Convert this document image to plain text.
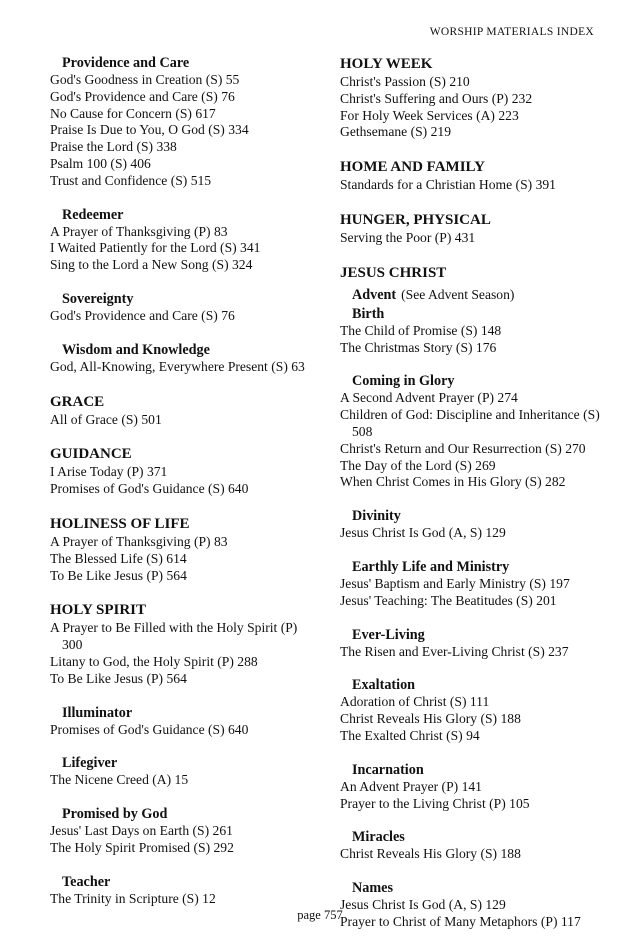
WORSHIP MATERIALS INDEX
Providence and Care
God's Goodness in Creation (S) 55
God's Providence and Care (S) 76
No Cause for Concern (S) 617
Praise Is Due to You, O God (S) 334
Praise the Lord (S) 338
Psalm 100 (S) 406
Trust and Confidence (S) 515
Redeemer
A Prayer of Thanksgiving (P) 83
I Waited Patiently for the Lord (S) 341
Sing to the Lord a New Song (S) 324
Sovereignty
God's Providence and Care (S) 76
Wisdom and Knowledge
God, All-Knowing, Everywhere Present (S) 63
GRACE
All of Grace (S) 501
GUIDANCE
I Arise Today (P) 371
Promises of God's Guidance (S) 640
HOLINESS OF LIFE
A Prayer of Thanksgiving (P) 83
The Blessed Life (S) 614
To Be Like Jesus (P) 564
HOLY SPIRIT
A Prayer to Be Filled with the Holy Spirit (P) 300
Litany to God, the Holy Spirit (P) 288
To Be Like Jesus (P) 564
Illuminator
Promises of God's Guidance (S) 640
Lifegiver
The Nicene Creed (A) 15
Promised by God
Jesus' Last Days on Earth (S) 261
The Holy Spirit Promised (S) 292
Teacher
The Trinity in Scripture (S) 12
HOLY WEEK
Christ's Passion (S) 210
Christ's Suffering and Ours (P) 232
For Holy Week Services (A) 223
Gethsemane (S) 219
HOME AND FAMILY
Standards for a Christian Home (S) 391
HUNGER, PHYSICAL
Serving the Poor (P) 431
JESUS CHRIST
Advent (See Advent Season)
Birth
The Child of Promise (S) 148
The Christmas Story (S) 176
Coming in Glory
A Second Advent Prayer (P) 274
Children of God: Discipline and Inheritance (S) 508
Christ's Return and Our Resurrection (S) 270
The Day of the Lord (S) 269
When Christ Comes in His Glory (S) 282
Divinity
Jesus Christ Is God (A, S) 129
Earthly Life and Ministry
Jesus' Baptism and Early Ministry (S) 197
Jesus' Teaching: The Beatitudes (S) 201
Ever-Living
The Risen and Ever-Living Christ (S) 237
Exaltation
Adoration of Christ (S) 111
Christ Reveals His Glory (S) 188
The Exalted Christ (S) 94
Incarnation
An Advent Prayer (P) 141
Prayer to the Living Christ (P) 105
Miracles
Christ Reveals His Glory (S) 188
Names
Jesus Christ Is God (A, S) 129
Prayer to Christ of Many Metaphors (P) 117
page 757
